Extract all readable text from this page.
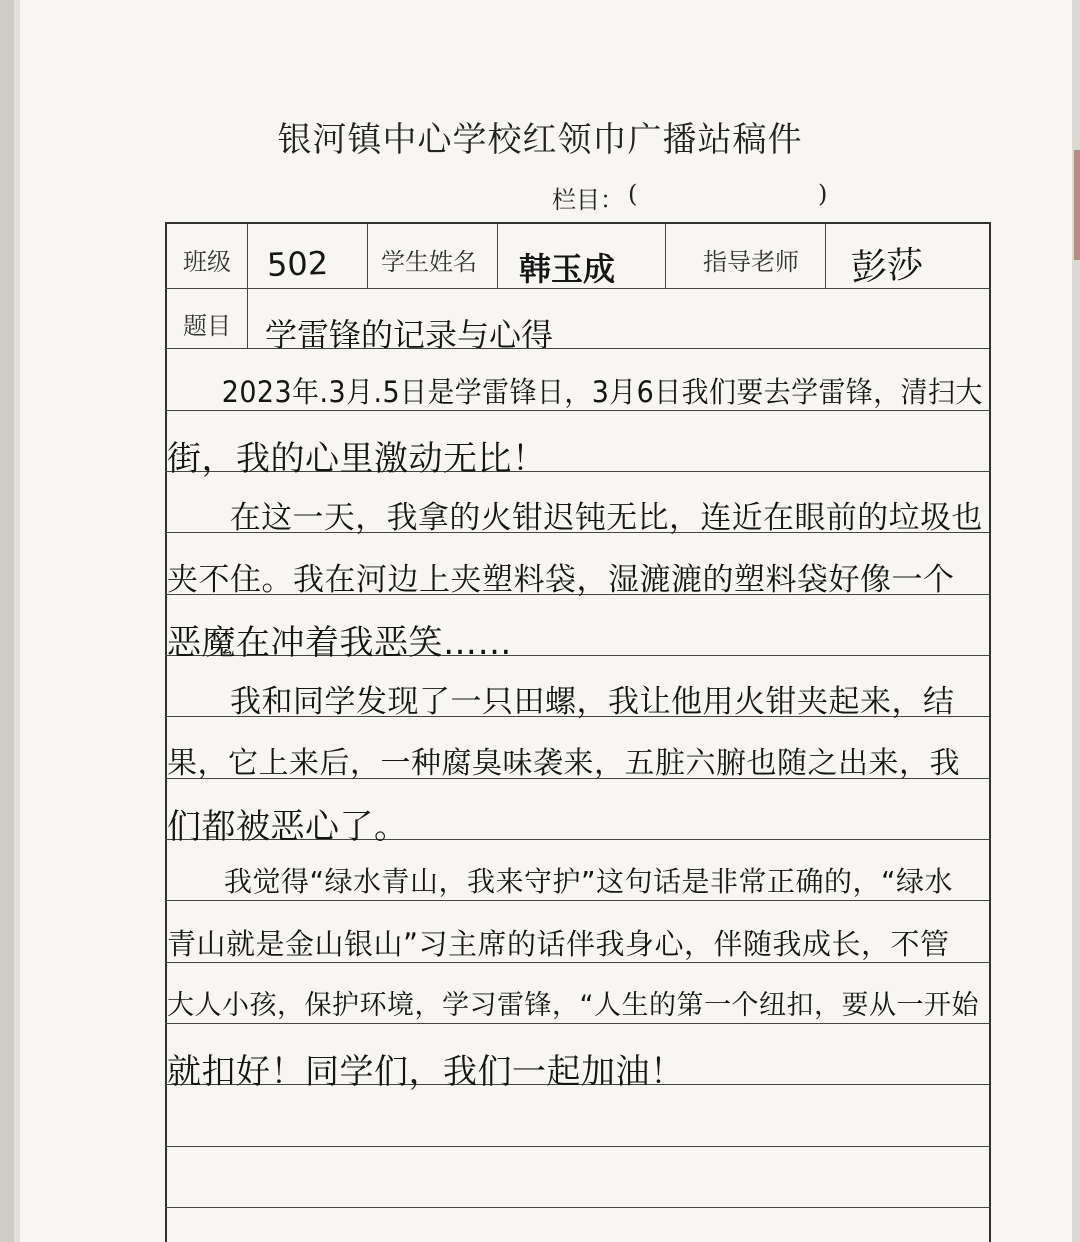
银河镇中心学校红领巾广播站稿件
栏目： (	)
班级 502 学生姓名 韩玉成	指导老师 彭莎
题目 学雷锋的记录与心得
　　2023年.3月.5日是学雷锋日，3月6日我们要去学雷锋，清扫大
街，我的心里激动无比！
　　在这一天，我拿的火钳迟钝无比，连近在眼前的垃圾也
夹不住。我在河边上夹塑料袋，湿漉漉的塑料袋好像一个
恶魔在冲着我恶笑……
　　我和同学发现了一只田螺，我让他用火钳夹起来，结
果，它上来后，一种腐臭味袭来，五脏六腑也随之出来，我
们都被恶心了。
　　我觉得“绿水青山，我来守护”这句话是非常正确的，“绿水
青山就是金山银山”习主席的话伴我身心，伴随我成长，不管
大人小孩，保护环境，学习雷锋，“人生的第一个纽扣，要从一开始
就扣好！同学们，我们一起加油！
